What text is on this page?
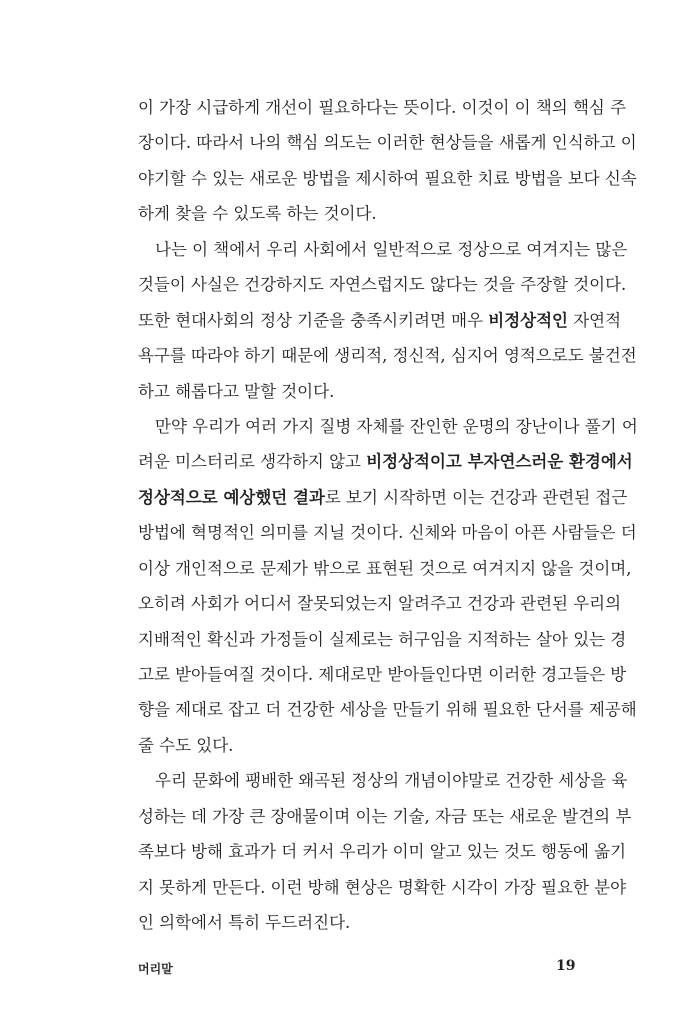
이 가장 시급하게 개선이 필요하다는 뜻이다. 이것이 이 책의 핵심 주
장이다. 따라서 나의 핵심 의도는 이러한 현상들을 새롭게 인식하고 이
야기할 수 있는 새로운 방법을 제시하여 필요한 치료 방법을 보다 신속
하게 찾을 수 있도록 하는 것이다.
나는 이 책에서 우리 사회에서 일반적으로 정상으로 여겨지는 많은
것들이 사실은 건강하지도 자연스럽지도 않다는 것을 주장할 것이다.
또한 현대사회의 정상 기준을 충족시키려면 매우 비정상적인 자연적
욕구를 따라야 하기 때문에 생리적, 정신적, 심지어 영적으로도 불건전
하고 해롭다고 말할 것이다.
만약 우리가 여러 가지 질병 자체를 잔인한 운명의 장난이나 풀기 어
려운 미스터리로 생각하지 않고 비정상적이고 부자연스러운 환경에서
정상적으로 예상했던 결과로 보기 시작하면 이는 건강과 관련된 접근
방법에 혁명적인 의미를 지닐 것이다. 신체와 마음이 아픈 사람들은 더
이상 개인적으로 문제가 밖으로 표현된 것으로 여겨지지 않을 것이며,
오히려 사회가 어디서 잘못되었는지 알려주고 건강과 관련된 우리의
지배적인 확신과 가정들이 실제로는 허구임을 지적하는 살아 있는 경
고로 받아들여질 것이다. 제대로만 받아들인다면 이러한 경고들은 방
향을 제대로 잡고 더 건강한 세상을 만들기 위해 필요한 단서를 제공해
줄 수도 있다.
우리 문화에 팽배한 왜곡된 정상의 개념이야말로 건강한 세상을 육
성하는 데 가장 큰 장애물이며 이는 기술, 자금 또는 새로운 발견의 부
족보다 방해 효과가 더 커서 우리가 이미 알고 있는 것도 행동에 옮기
지 못하게 만든다. 이런 방해 현상은 명확한 시각이 가장 필요한 분야
인 의학에서 특히 두드러진다.
머리말	19
